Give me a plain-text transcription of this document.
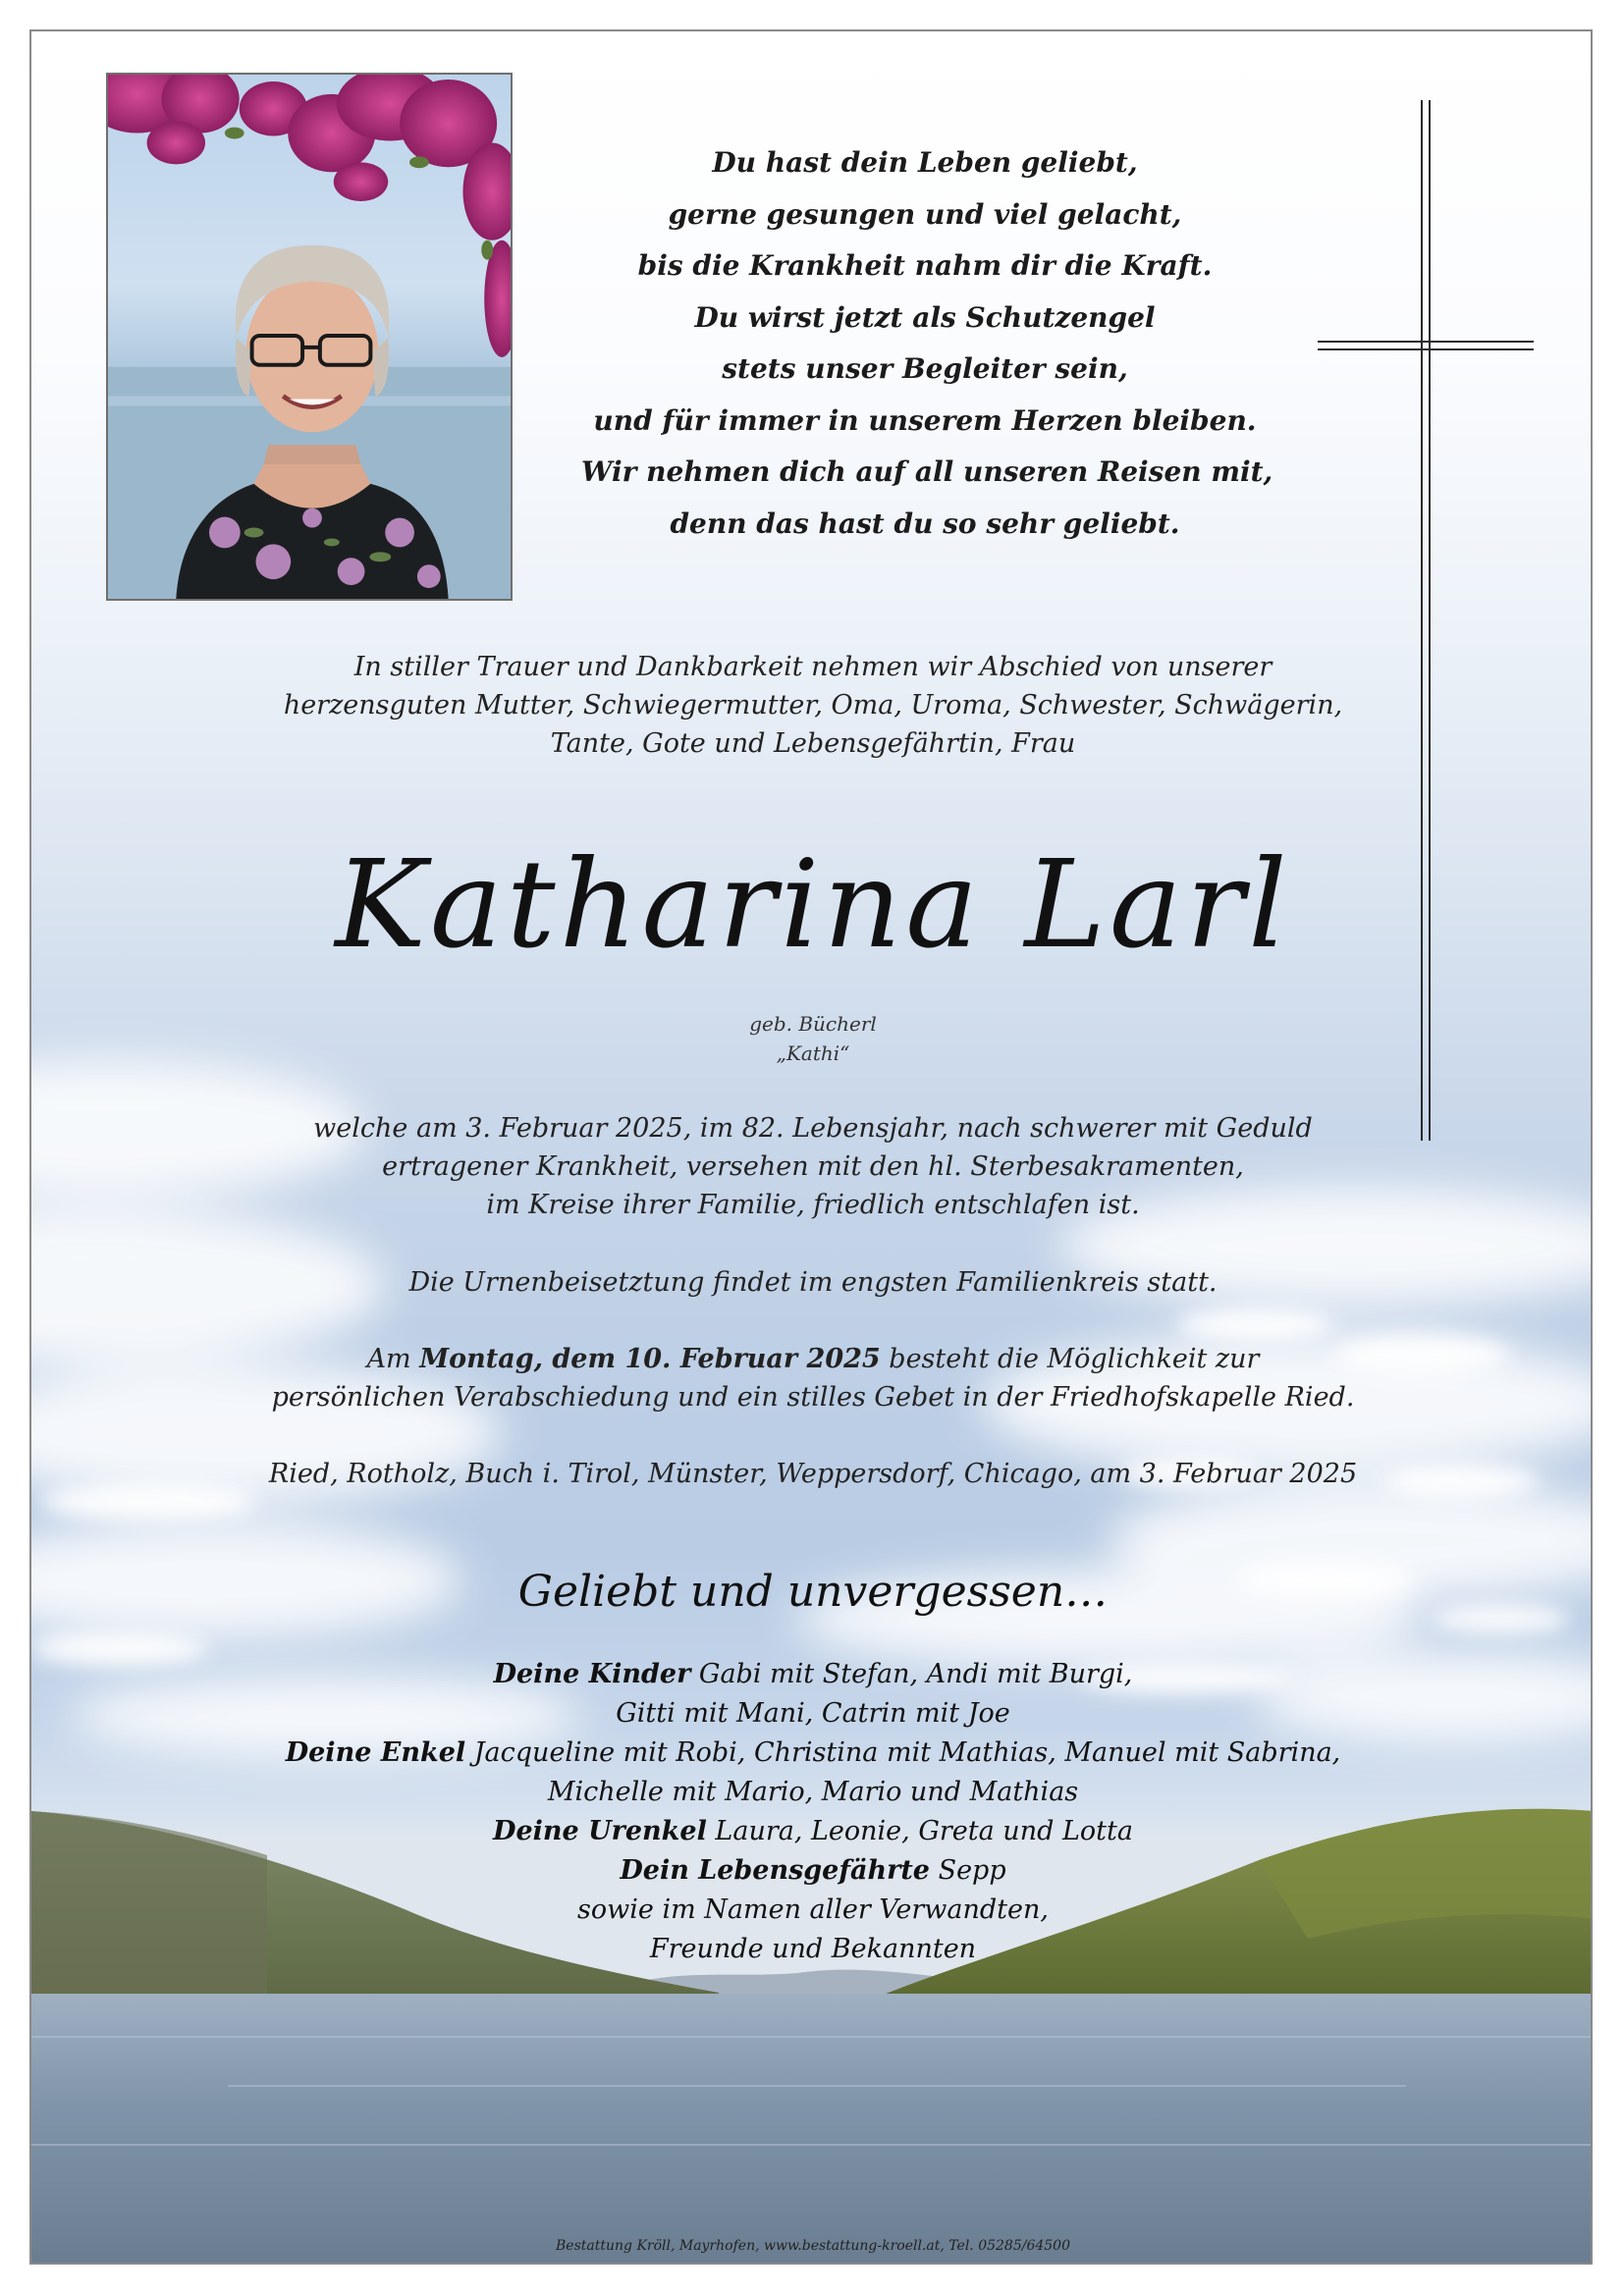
Du hast dein Leben geliebt,
gerne gesungen und viel gelacht,
bis die Krankheit nahm dir die Kraft.
Du wirst jetzt als Schutzengel
stets unser Begleiter sein,
und für immer in unserem Herzen bleiben.
Wir nehmen dich auf all unseren Reisen mit,
denn das hast du so sehr geliebt.
In stiller Trauer und Dankbarkeit nehmen wir Abschied von unserer
herzensguten Mutter, Schwiegermutter, Oma, Uroma, Schwester, Schwägerin,
Tante, Gote und Lebensgefährtin, Frau
Katharina Larl
geb. Bücherl
„Kathi“
welche am 3. Februar 2025, im 82. Lebensjahr, nach schwerer mit Geduld
ertragener Krankheit, versehen mit den hl. Sterbesakramenten,
im Kreise ihrer Familie, friedlich entschlafen ist.
Die Urnenbeisetztung findet im engsten Familienkreis statt.
Am Montag, dem 10. Februar 2025 besteht die Möglichkeit zur
persönlichen Verabschiedung und ein stilles Gebet in der Friedhofskapelle Ried.
Ried, Rotholz, Buch i. Tirol, Münster, Weppersdorf, Chicago, am 3. Februar 2025
Geliebt und unvergessen…
Deine Kinder Gabi mit Stefan, Andi mit Burgi,
Gitti mit Mani, Catrin mit Joe
Deine Enkel Jacqueline mit Robi, Christina mit Mathias, Manuel mit Sabrina,
Michelle mit Mario, Mario und Mathias
Deine Urenkel Laura, Leonie, Greta und Lotta
Dein Lebensgefährte Sepp
sowie im Namen aller Verwandten,
Freunde und Bekannten
Bestattung Kröll, Mayrhofen, www.bestattung-kroell.at, Tel. 05285/64500
